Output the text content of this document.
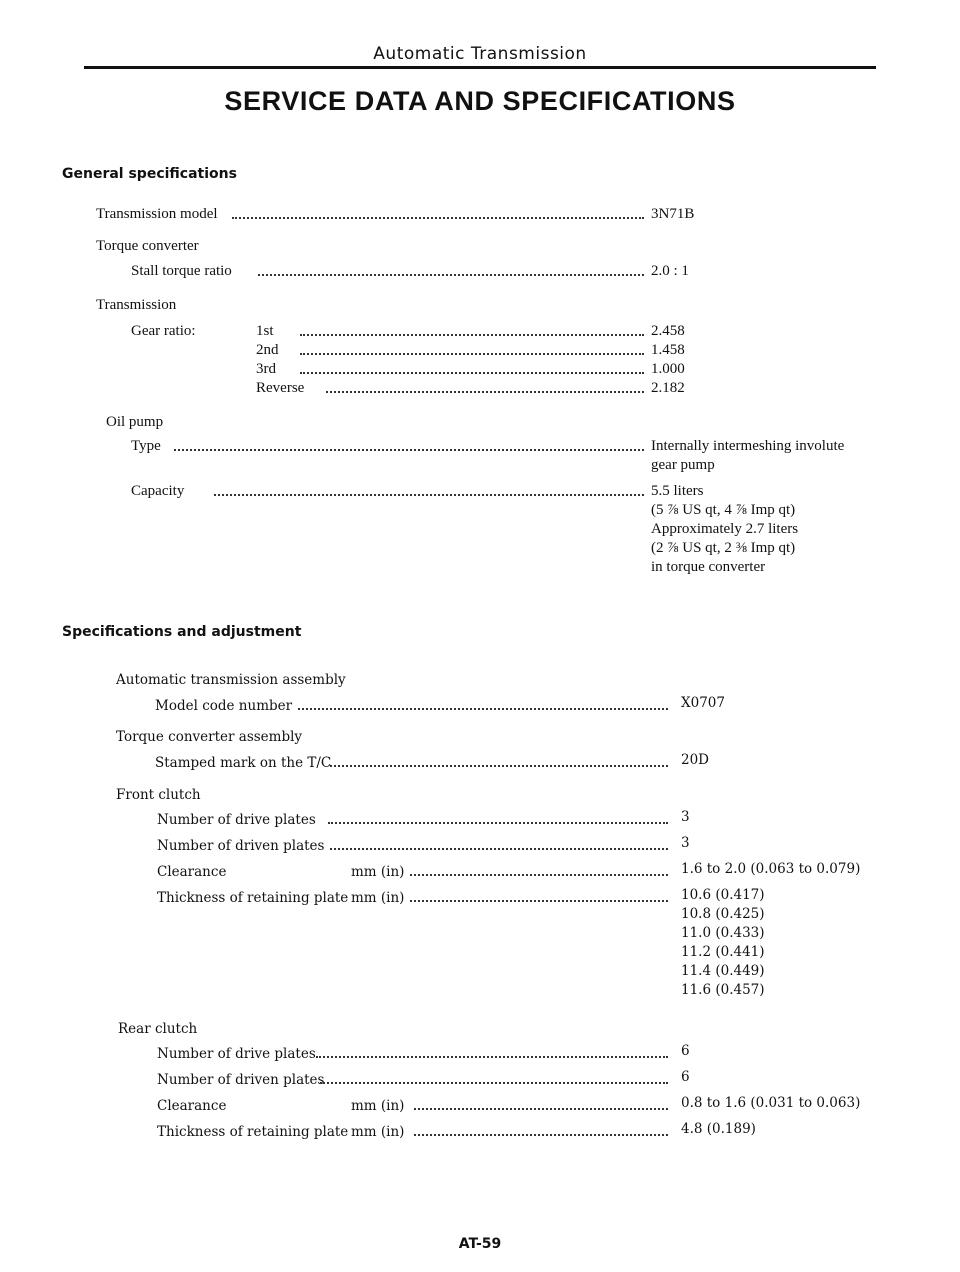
Automatic Transmission
SERVICE DATA AND SPECIFICATIONS
General specifications
Transmission model	3N71B
Torque converter
Stall torque ratio	2.0 : 1
Transmission
Gear ratio:	1st	2.458
2nd	1.458
3rd	1.000
Reverse	2.182
Oil pump
Type	Internally intermeshing involute
gear pump
Capacity	5.5 liters
(5 ⅞ US qt, 4 ⅞ Imp qt)
Approximately 2.7 liters
(2 ⅞ US qt, 2 ⅜ Imp qt)
in torque converter
Specifications and adjustment
Automatic transmission assembly
Model code number	X0707
Torque converter assembly
Stamped mark on the T/C	20D
Front clutch
Number of drive plates	3
Number of driven plates	3
Clearance	mm (in)	1.6 to 2.0 (0.063 to 0.079)
Thickness of retaining plate mm (in)	10.6 (0.417)
10.8 (0.425)
11.0 (0.433)
11.2 (0.441)
11.4 (0.449)
11.6 (0.457)
Rear clutch
Number of drive plates	6
Number of driven plates	6
Clearance	mm (in)	0.8 to 1.6 (0.031 to 0.063)
Thickness of retaining plate mm (in)	4.8 (0.189)
AT-59
